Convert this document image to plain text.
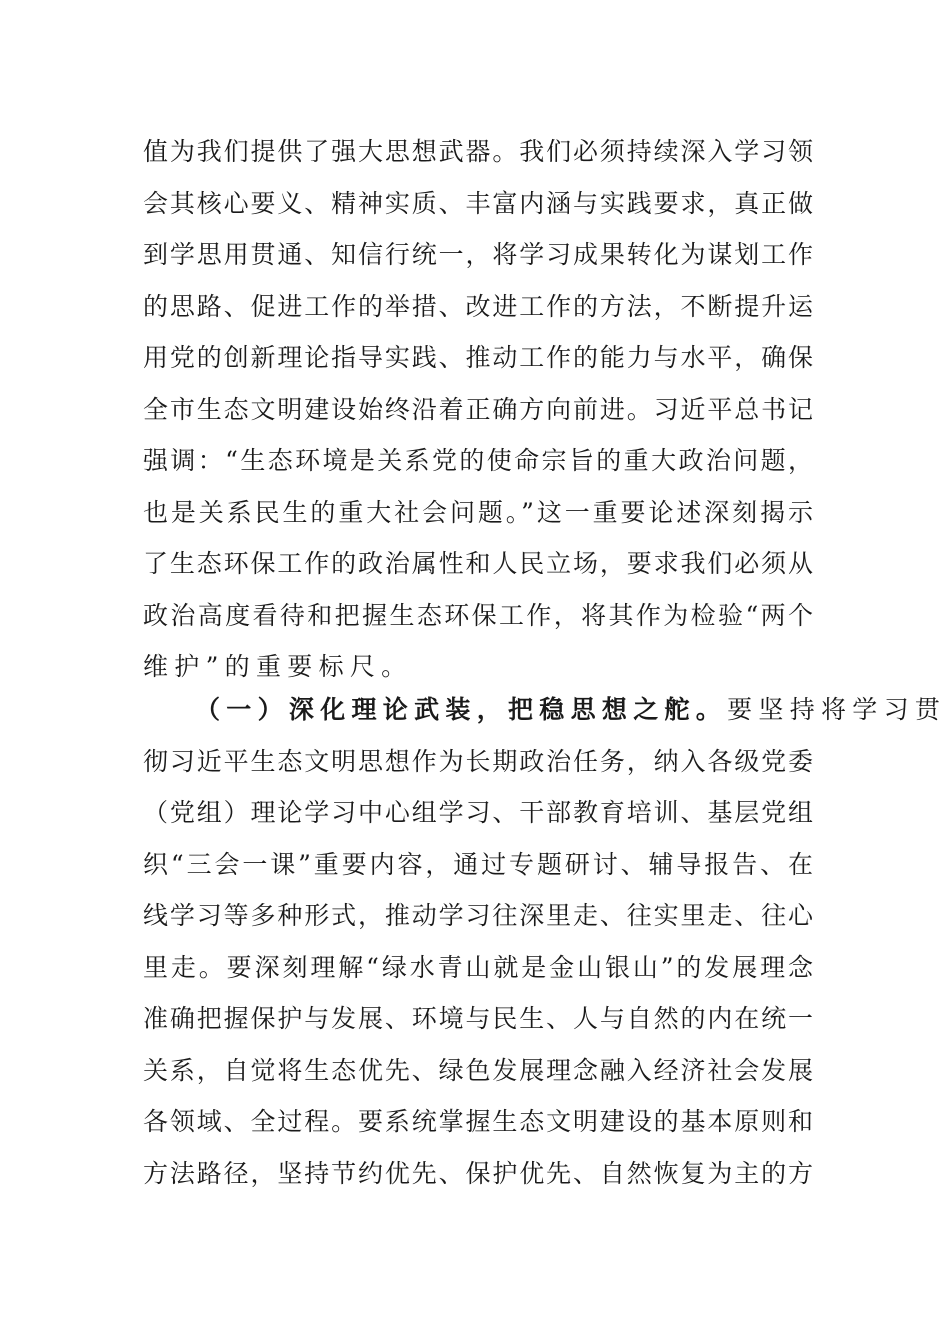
值为我们提供了强大思想武器。我们必须持续深入学习领
会其核心要义、精神实质、丰富内涵与实践要求，真正做
到学思用贯通、知信行统一，将学习成果转化为谋划工作
的思路、促进工作的举措、改进工作的方法，不断提升运
用党的创新理论指导实践、推动工作的能力与水平，确保
全市生态文明建设始终沿着正确方向前进。习近平总书记
强调：“生态环境是关系党的使命宗旨的重大政治问题，
也是关系民生的重大社会问题。”这一重要论述深刻揭示
了生态环保工作的政治属性和人民立场，要求我们必须从
政治高度看待和把握生态环保工作，将其作为检验“两个
维护”的重要标尺。
（一）深化理论武装，把稳思想之舵。要坚持将学习贯
彻习近平生态文明思想作为长期政治任务，纳入各级党委
（党组）理论学习中心组学习、干部教育培训、基层党组
织“三会一课”重要内容，通过专题研讨、辅导报告、在
线学习等多种形式，推动学习往深里走、往实里走、往心
里走。要深刻理解“绿水青山就是金山银山”的发展理念
准确把握保护与发展、环境与民生、人与自然的内在统一
关系，自觉将生态优先、绿色发展理念融入经济社会发展
各领域、全过程。要系统掌握生态文明建设的基本原则和
方法路径，坚持节约优先、保护优先、自然恢复为主的方
